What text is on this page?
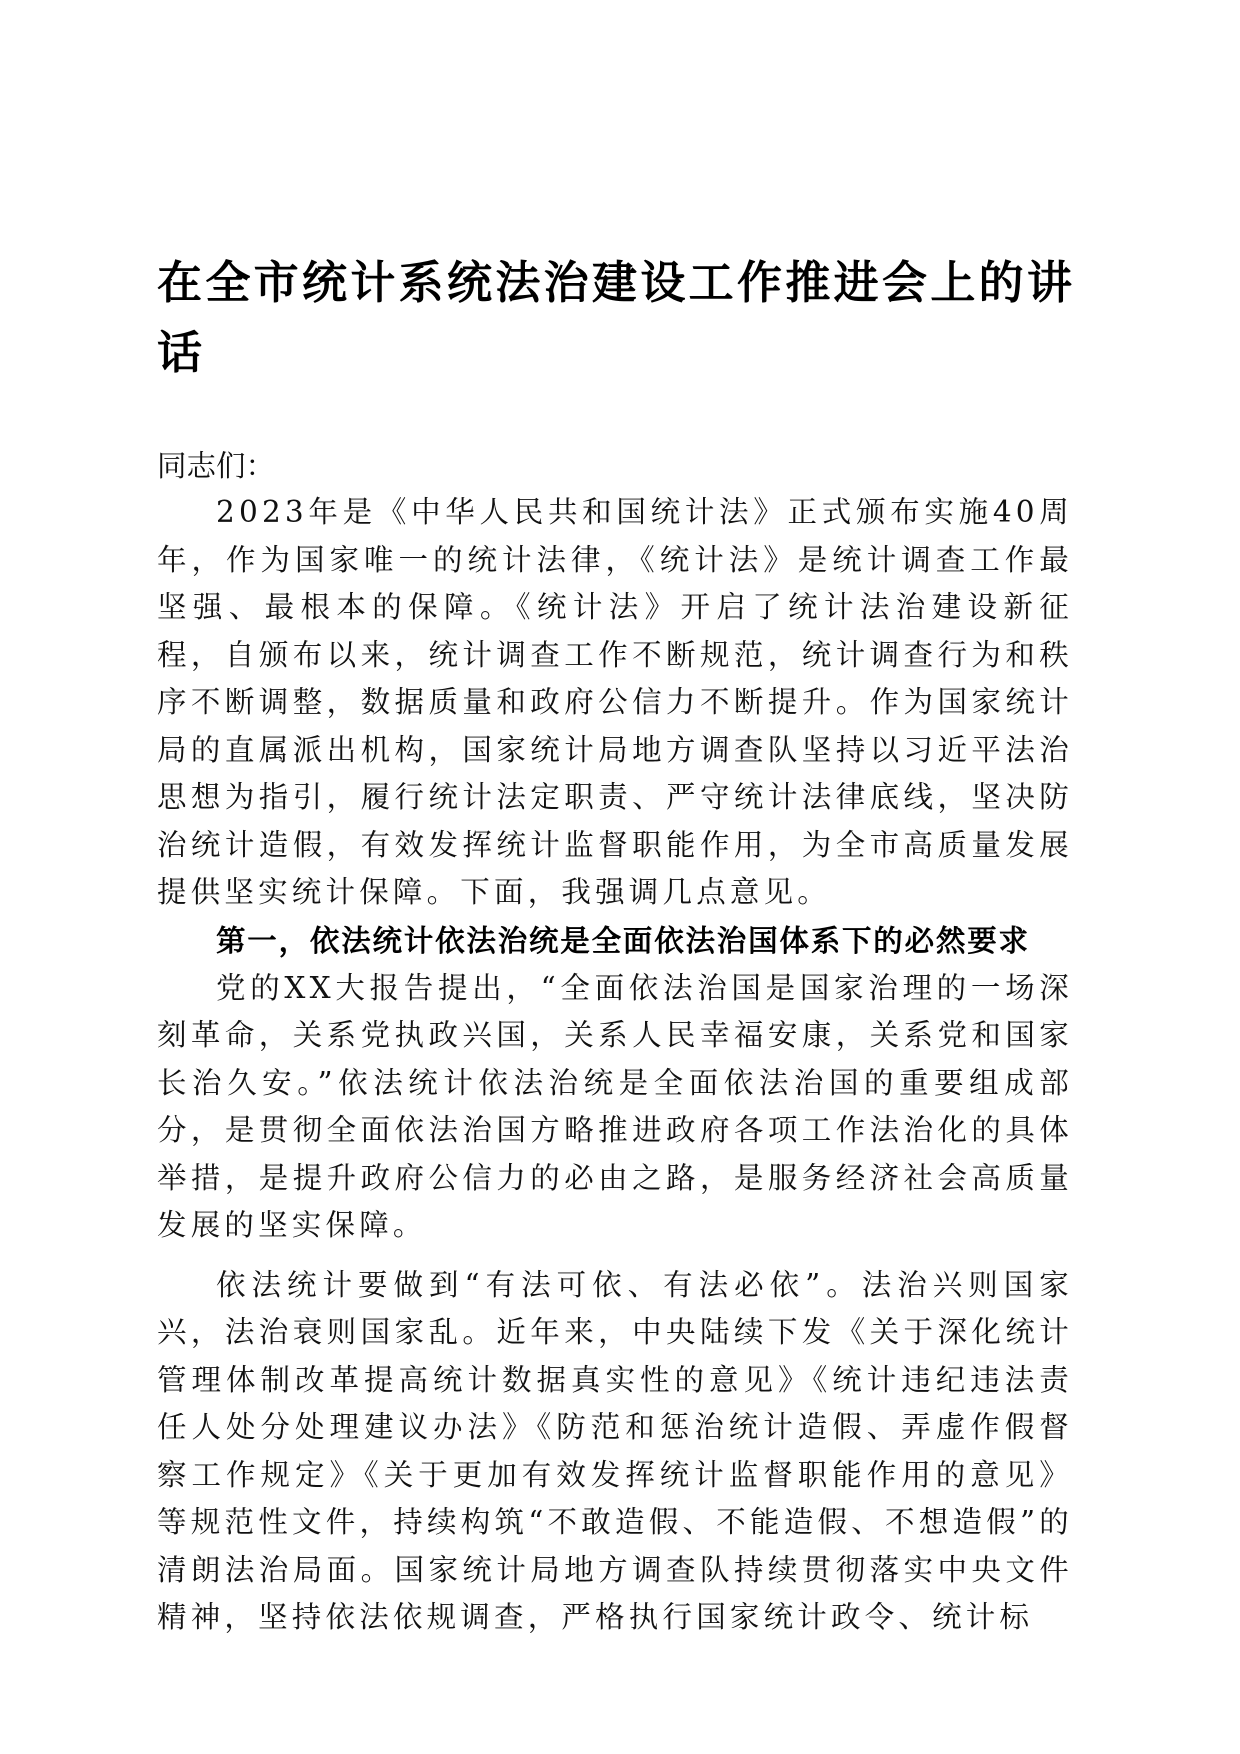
在全市统计系统法治建设工作推进会上的讲话

同志们：

2023年是《中华人民共和国统计法》正式颁布实施40周年，作为国家唯一的统计法律，《统计法》是统计调查工作最坚强、最根本的保障。《统计法》开启了统计法治建设新征程，自颁布以来，统计调查工作不断规范，统计调查行为和秩序不断调整，数据质量和政府公信力不断提升。作为国家统计局的直属派出机构，国家统计局地方调查队坚持以习近平法治思想为指引，履行统计法定职责、严守统计法律底线，坚决防治统计造假，有效发挥统计监督职能作用，为全市高质量发展提供坚实统计保障。下面，我强调几点意见。

第一，依法统计依法治统是全面依法治国体系下的必然要求

党的XX大报告提出，“全面依法治国是国家治理的一场深刻革命，关系党执政兴国，关系人民幸福安康，关系党和国家长治久安。”依法统计依法治统是全面依法治国的重要组成部分，是贯彻全面依法治国方略推进政府各项工作法治化的具体举措，是提升政府公信力的必由之路，是服务经济社会高质量发展的坚实保障。

依法统计要做到“有法可依、有法必依”。法治兴则国家兴，法治衰则国家乱。近年来，中央陆续下发《关于深化统计管理体制改革提高统计数据真实性的意见》《统计违纪违法责任人处分处理建议办法》《防范和惩治统计造假、弄虚作假督察工作规定》《关于更加有效发挥统计监督职能作用的意见》等规范性文件，持续构筑“不敢造假、不能造假、不想造假”的清朗法治局面。国家统计局地方调查队持续贯彻落实中央文件精神，坚持依法依规调查，严格执行国家统计政令、统计标
